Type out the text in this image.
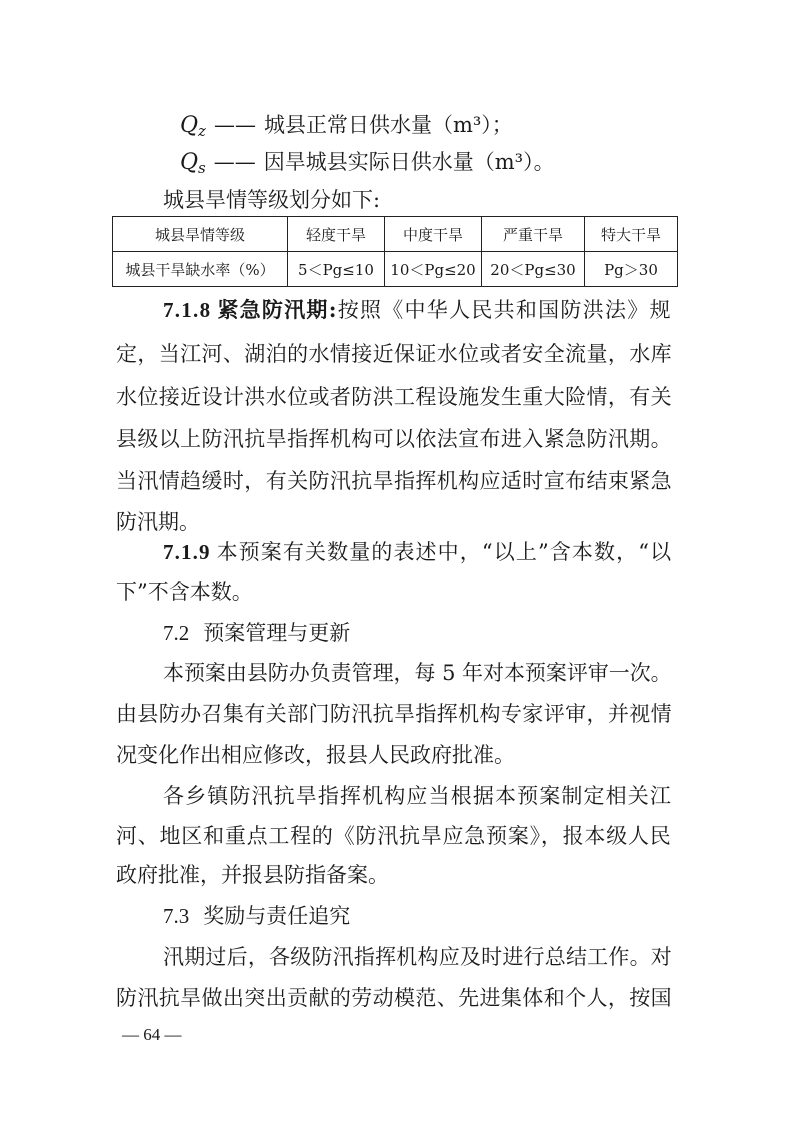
$Q_z$ —— 城县正常日供水量（m³）；
$Q_s$ —— 因旱城县实际日供水量（m³）。
城县旱情等级划分如下:
城县旱情等级	轻度干旱	中度干旱	严重干旱	特大干旱
城县干旱缺水率（%）	5＜Pg≤10	10＜Pg≤20	20＜Pg≤30	Pg＞30
7.1.8 紧急防汛期:按照《中华人民共和国防洪法》规
定，当江河、湖泊的水情接近保证水位或者安全流量，水库
水位接近设计洪水位或者防洪工程设施发生重大险情，有关
县级以上防汛抗旱指挥机构可以依法宣布进入紧急防汛期。
当汛情趋缓时，有关防汛抗旱指挥机构应适时宣布结束紧急
防汛期。
7.1.9 本预案有关数量的表述中，“以上”含本数，“以
下”不含本数。
7.2 预案管理与更新
本预案由县防办负责管理，每 5 年对本预案评审一次。
由县防办召集有关部门防汛抗旱指挥机构专家评审，并视情
况变化作出相应修改，报县人民政府批准。
各乡镇防汛抗旱指挥机构应当根据本预案制定相关江
河、地区和重点工程的《防汛抗旱应急预案》，报本级人民
政府批准，并报县防指备案。
7.3 奖励与责任追究
汛期过后，各级防汛指挥机构应及时进行总结工作。对
防汛抗旱做出突出贡献的劳动模范、先进集体和个人，按国
— 64 —
